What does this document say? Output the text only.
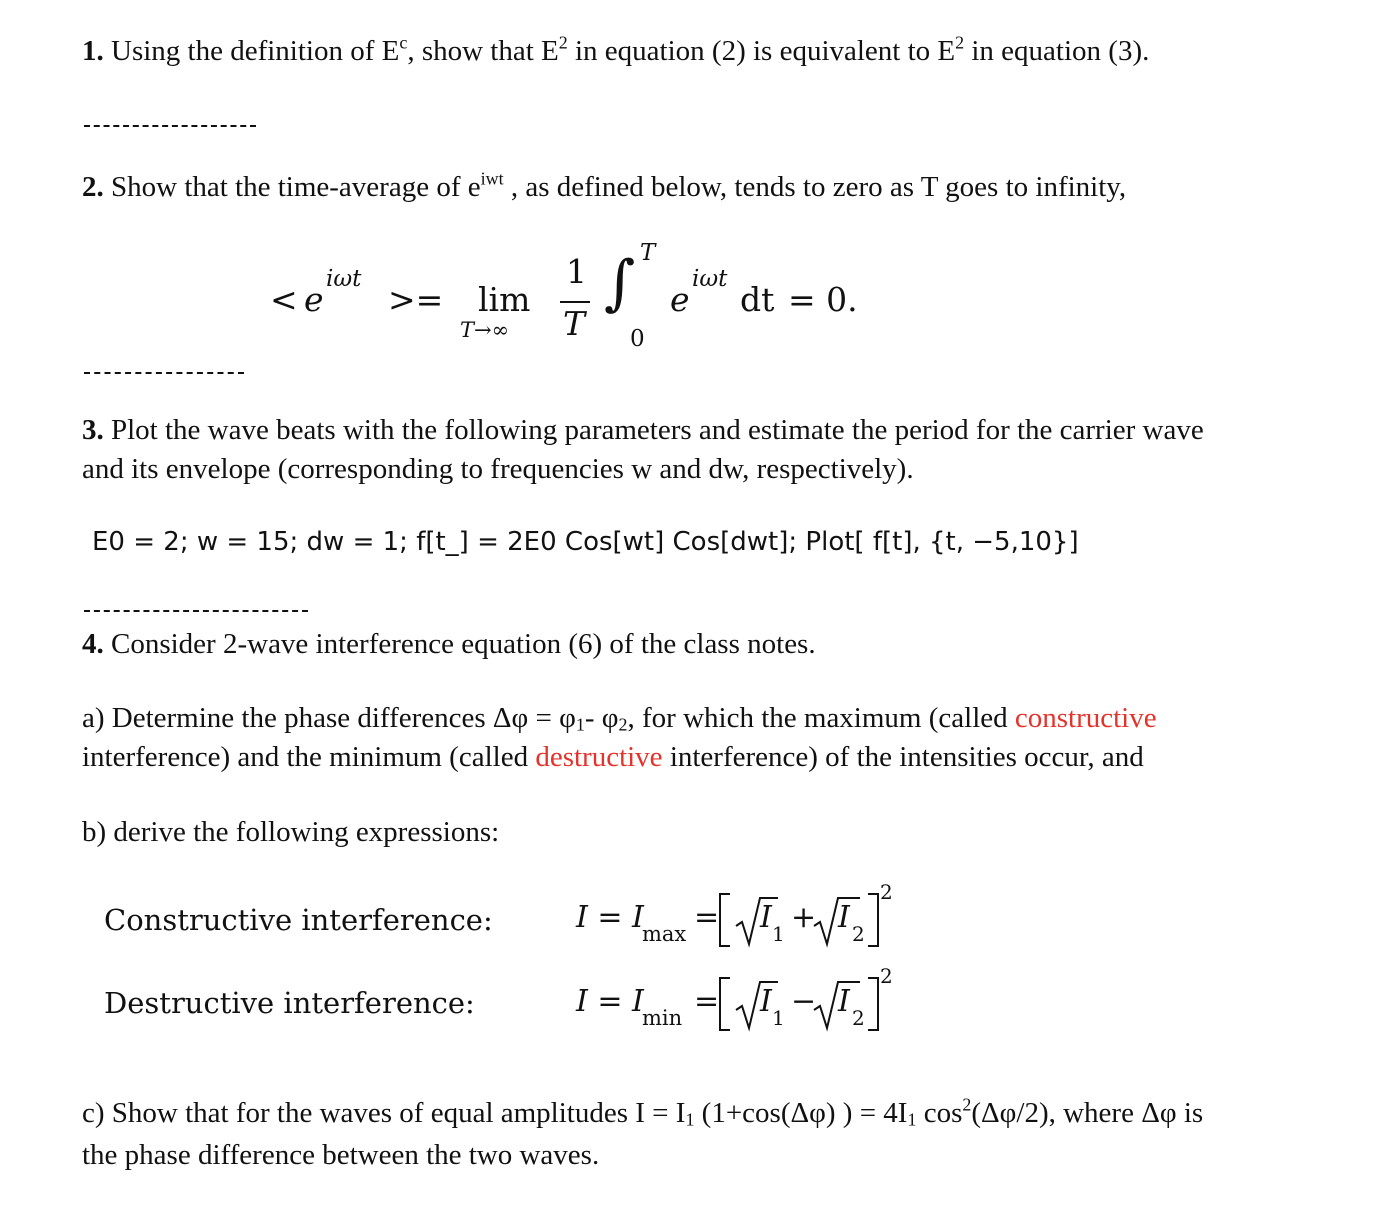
1. Using the definition of $E^c$, show that $E^2$ in equation (2) is equivalent to $E^2$ in equation (3).
2. Show that the time-average of $e^{iwt}$ , as defined below, tends to zero as T goes to infinity,
< e
iωt
>= lim
T→∞
1
T
∫ T
0
e
iωt
dt = 0.
3. Plot the wave beats with the following parameters and estimate the period for the carrier wave
and its envelope (corresponding to frequencies w and dw, respectively).
E0 = 2; w = 15; dw = 1; f[t_] = 2E0 Cos[wt] Cos[dwt]; Plot[ f[t], {t, −5,10}]
4. Consider 2-wave interference equation (6) of the class notes.
a) Determine the phase differences $\Delta\varphi = \varphi_1-$ $\varphi_2$, for which the maximum (called constructive
interference) and the minimum (called destructive interference) of the intensities occur, and
b) derive the following expressions:
Constructive interference:
Destructive interference:
I = I
max = I 1 + I 2
2
I = I
min = I 1 − I 2
2
c) Show that for the waves of equal amplitudes $I = I_1$ (1+cos(Δφ) ) = $4I_1$ $\cos^2(\Delta\varphi/2)$, where Δφ is
the phase difference between the two waves.
